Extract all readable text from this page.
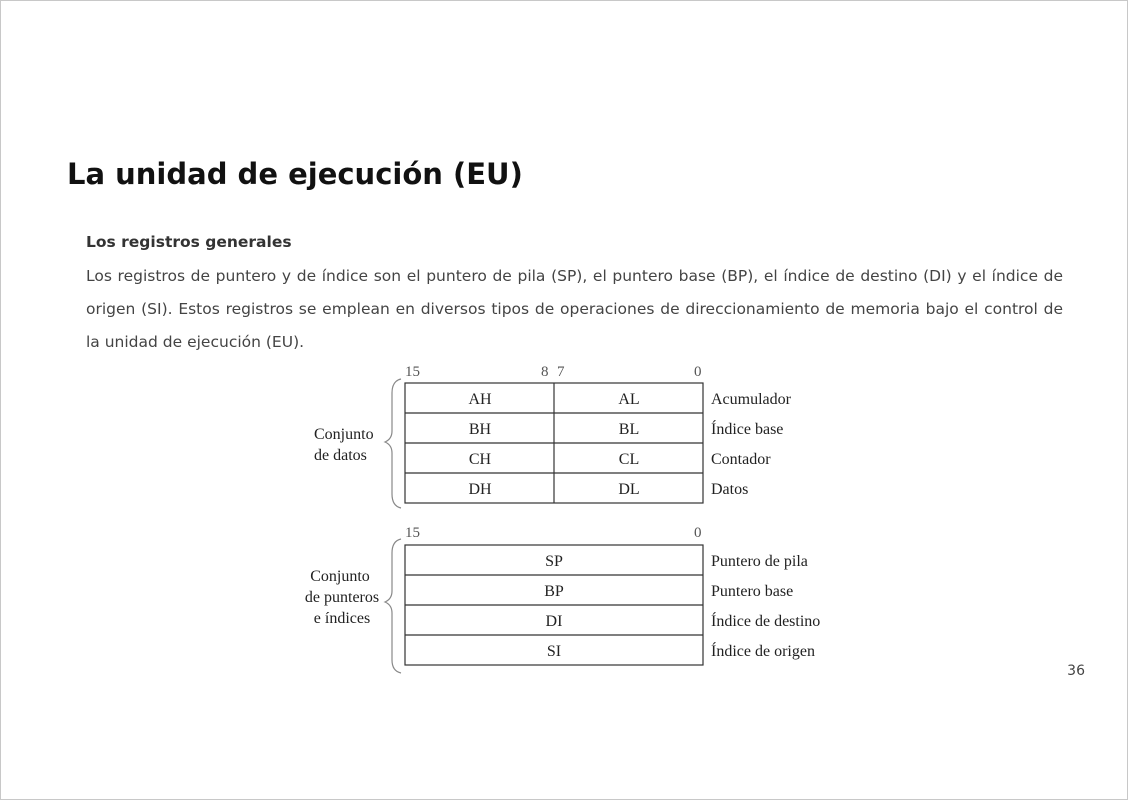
La unidad de ejecución (EU)
Los registros generales
Los registros de puntero y de índice son el puntero de pila (SP), el puntero base (BP), el índice de destino (DI) y el índice de origen (SI). Estos registros se emplean en diversos tipos de operaciones de direccionamiento de memoria bajo el control de la unidad de ejecución (EU).
15	8 7	0
Conjunto
de datos
AH	AL	Acumulador
BH	BL	Índice base
CH	CL	Contador
DH	DL	Datos
15	0
Conjunto
de punteros
e índices
SP	Puntero de pila
BP	Puntero base
DI	Índice de destino
SI	Índice de origen
36
